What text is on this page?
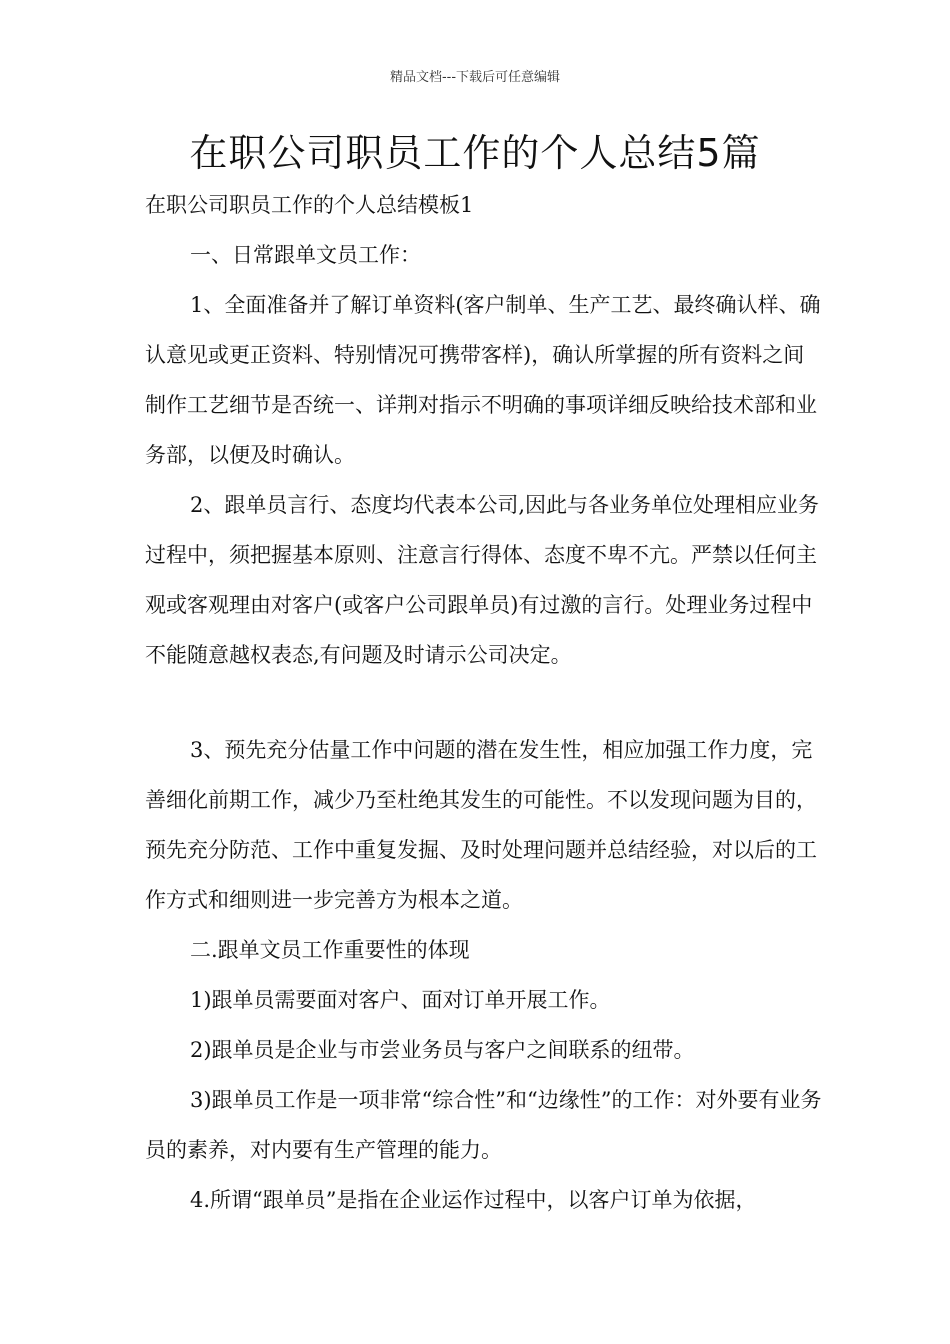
精品文档---下载后可任意编辑
在职公司职员工作的个人总结5篇

在职公司职员工作的个人总结模板1

一、日常跟单文员工作：

1、全面准备并了解订单资料(客户制单、生产工艺、最终确认样、确认意见或更正资料、特别情况可携带客样)，确认所掌握的所有资料之间制作工艺细节是否统一、详荆对指示不明确的事项详细反映给技术部和业务部，以便及时确认。

2、跟单员言行、态度均代表本公司,因此与各业务单位处理相应业务过程中，须把握基本原则、注意言行得体、态度不卑不亢。严禁以任何主观或客观理由对客户(或客户公司跟单员)有过激的言行。处理业务过程中不能随意越权表态,有问题及时请示公司决定。

3、预先充分估量工作中问题的潜在发生性，相应加强工作力度，完善细化前期工作，减少乃至杜绝其发生的可能性。不以发现问题为目的，预先充分防范、工作中重复发掘、及时处理问题并总结经验，对以后的工作方式和细则进一步完善方为根本之道。

二.跟单文员工作重要性的体现

1)跟单员需要面对客户、面对订单开展工作。

2)跟单员是企业与市尝业务员与客户之间联系的纽带。

3)跟单员工作是一项非常“综合性”和“边缘性”的工作：对外要有业务员的素养，对内要有生产管理的能力。

4.所谓“跟单员”是指在企业运作过程中，以客户订单为依据，
